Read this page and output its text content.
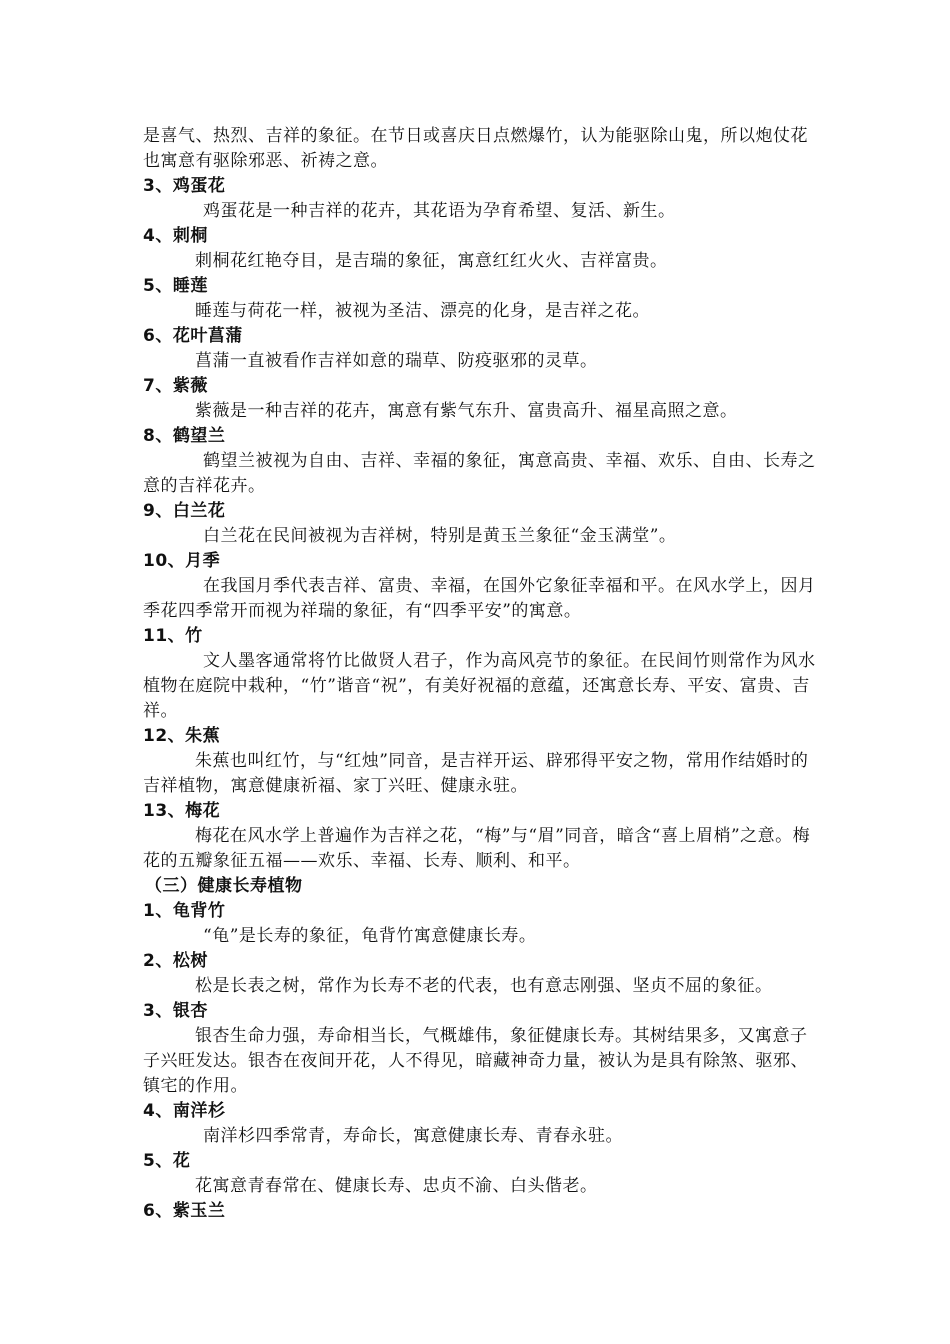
是喜气、热烈、吉祥的象征。在节日或喜庆日点燃爆竹，认为能驱除山鬼，所以炮仗花也寓意有驱除邪恶、祈祷之意。

3、鸡蛋花

鸡蛋花是一种吉祥的花卉，其花语为孕育希望、复活、新生。

4、刺桐

刺桐花红艳夺目，是吉瑞的象征，寓意红红火火、吉祥富贵。

5、睡莲

睡莲与荷花一样，被视为圣洁、漂亮的化身，是吉祥之花。

6、花叶菖蒲

菖蒲一直被看作吉祥如意的瑞草、防疫驱邪的灵草。

7、紫薇

紫薇是一种吉祥的花卉，寓意有紫气东升、富贵高升、福星高照之意。

8、鹤望兰

鹤望兰被视为自由、吉祥、幸福的象征，寓意高贵、幸福、欢乐、自由、长寿之意的吉祥花卉。

9、白兰花

白兰花在民间被视为吉祥树，特别是黄玉兰象征“金玉满堂”。

10、月季

在我国月季代表吉祥、富贵、幸福，在国外它象征幸福和平。在风水学上，因月季花四季常开而视为祥瑞的象征，有“四季平安”的寓意。

11、竹

文人墨客通常将竹比做贤人君子，作为高风亮节的象征。在民间竹则常作为风水植物在庭院中栽种，“竹”谐音“祝”，有美好祝福的意蕴，还寓意长寿、平安、富贵、吉祥。

12、朱蕉

朱蕉也叫红竹，与“红烛”同音，是吉祥开运、辟邪得平安之物，常用作结婚时的吉祥植物，寓意健康祈福、家丁兴旺、健康永驻。

13、梅花

梅花在风水学上普遍作为吉祥之花，“梅”与“眉”同音，暗含“喜上眉梢”之意。梅花的五瓣象征五福——欢乐、幸福、长寿、顺利、和平。

（三）健康长寿植物

1、龟背竹

“龟”是长寿的象征，龟背竹寓意健康长寿。

2、松树

松是长表之树，常作为长寿不老的代表，也有意志刚强、坚贞不屈的象征。

3、银杏

银杏生命力强，寿命相当长，气概雄伟，象征健康长寿。其树结果多，又寓意子子兴旺发达。银杏在夜间开花，人不得见，暗藏神奇力量，被认为是具有除煞、驱邪、镇宅的作用。

4、南洋杉

南洋杉四季常青，寿命长，寓意健康长寿、青春永驻。

5、花

花寓意青春常在、健康长寿、忠贞不渝、白头偕老。

6、紫玉兰
